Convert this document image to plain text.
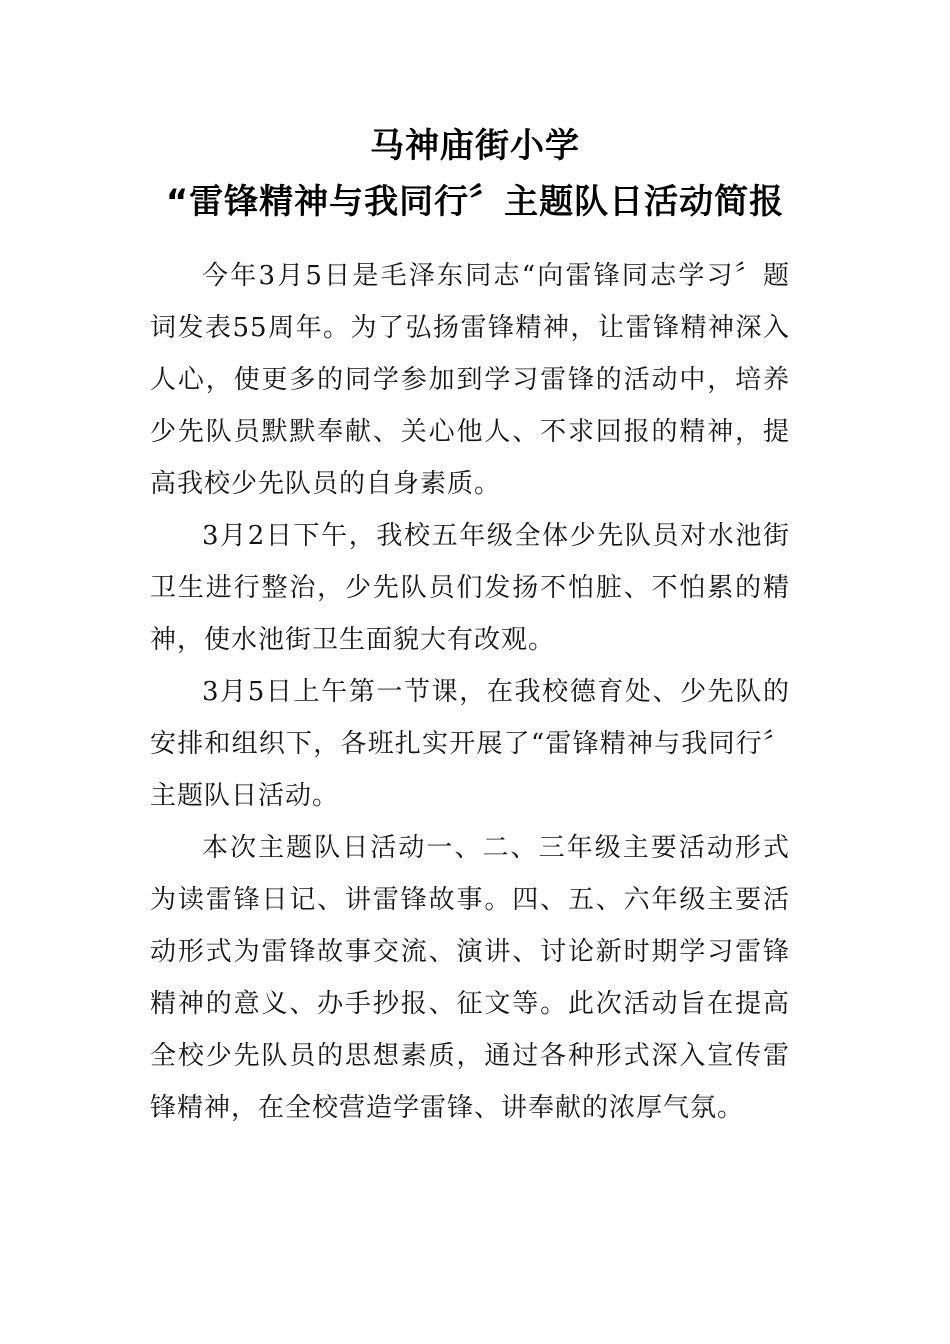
马神庙街小学
“雷锋精神与我同行〞主题队日活动简报

今年3月5日是毛泽东同志“向雷锋同志学习〞题词发表55周年。为了弘扬雷锋精神，让雷锋精神深入人心，使更多的同学参加到学习雷锋的活动中，培养少先队员默默奉献、关心他人、不求回报的精神，提高我校少先队员的自身素质。

3月2日下午，我校五年级全体少先队员对水池街卫生进行整治，少先队员们发扬不怕脏、不怕累的精神，使水池街卫生面貌大有改观。

3月5日上午第一节课，在我校德育处、少先队的安排和组织下，各班扎实开展了“雷锋精神与我同行〞主题队日活动。

本次主题队日活动一、二、三年级主要活动形式为读雷锋日记、讲雷锋故事。四、五、六年级主要活动形式为雷锋故事交流、演讲、讨论新时期学习雷锋精神的意义、办手抄报、征文等。此次活动旨在提高全校少先队员的思想素质，通过各种形式深入宣传雷锋精神，在全校营造学雷锋、讲奉献的浓厚气氛。
